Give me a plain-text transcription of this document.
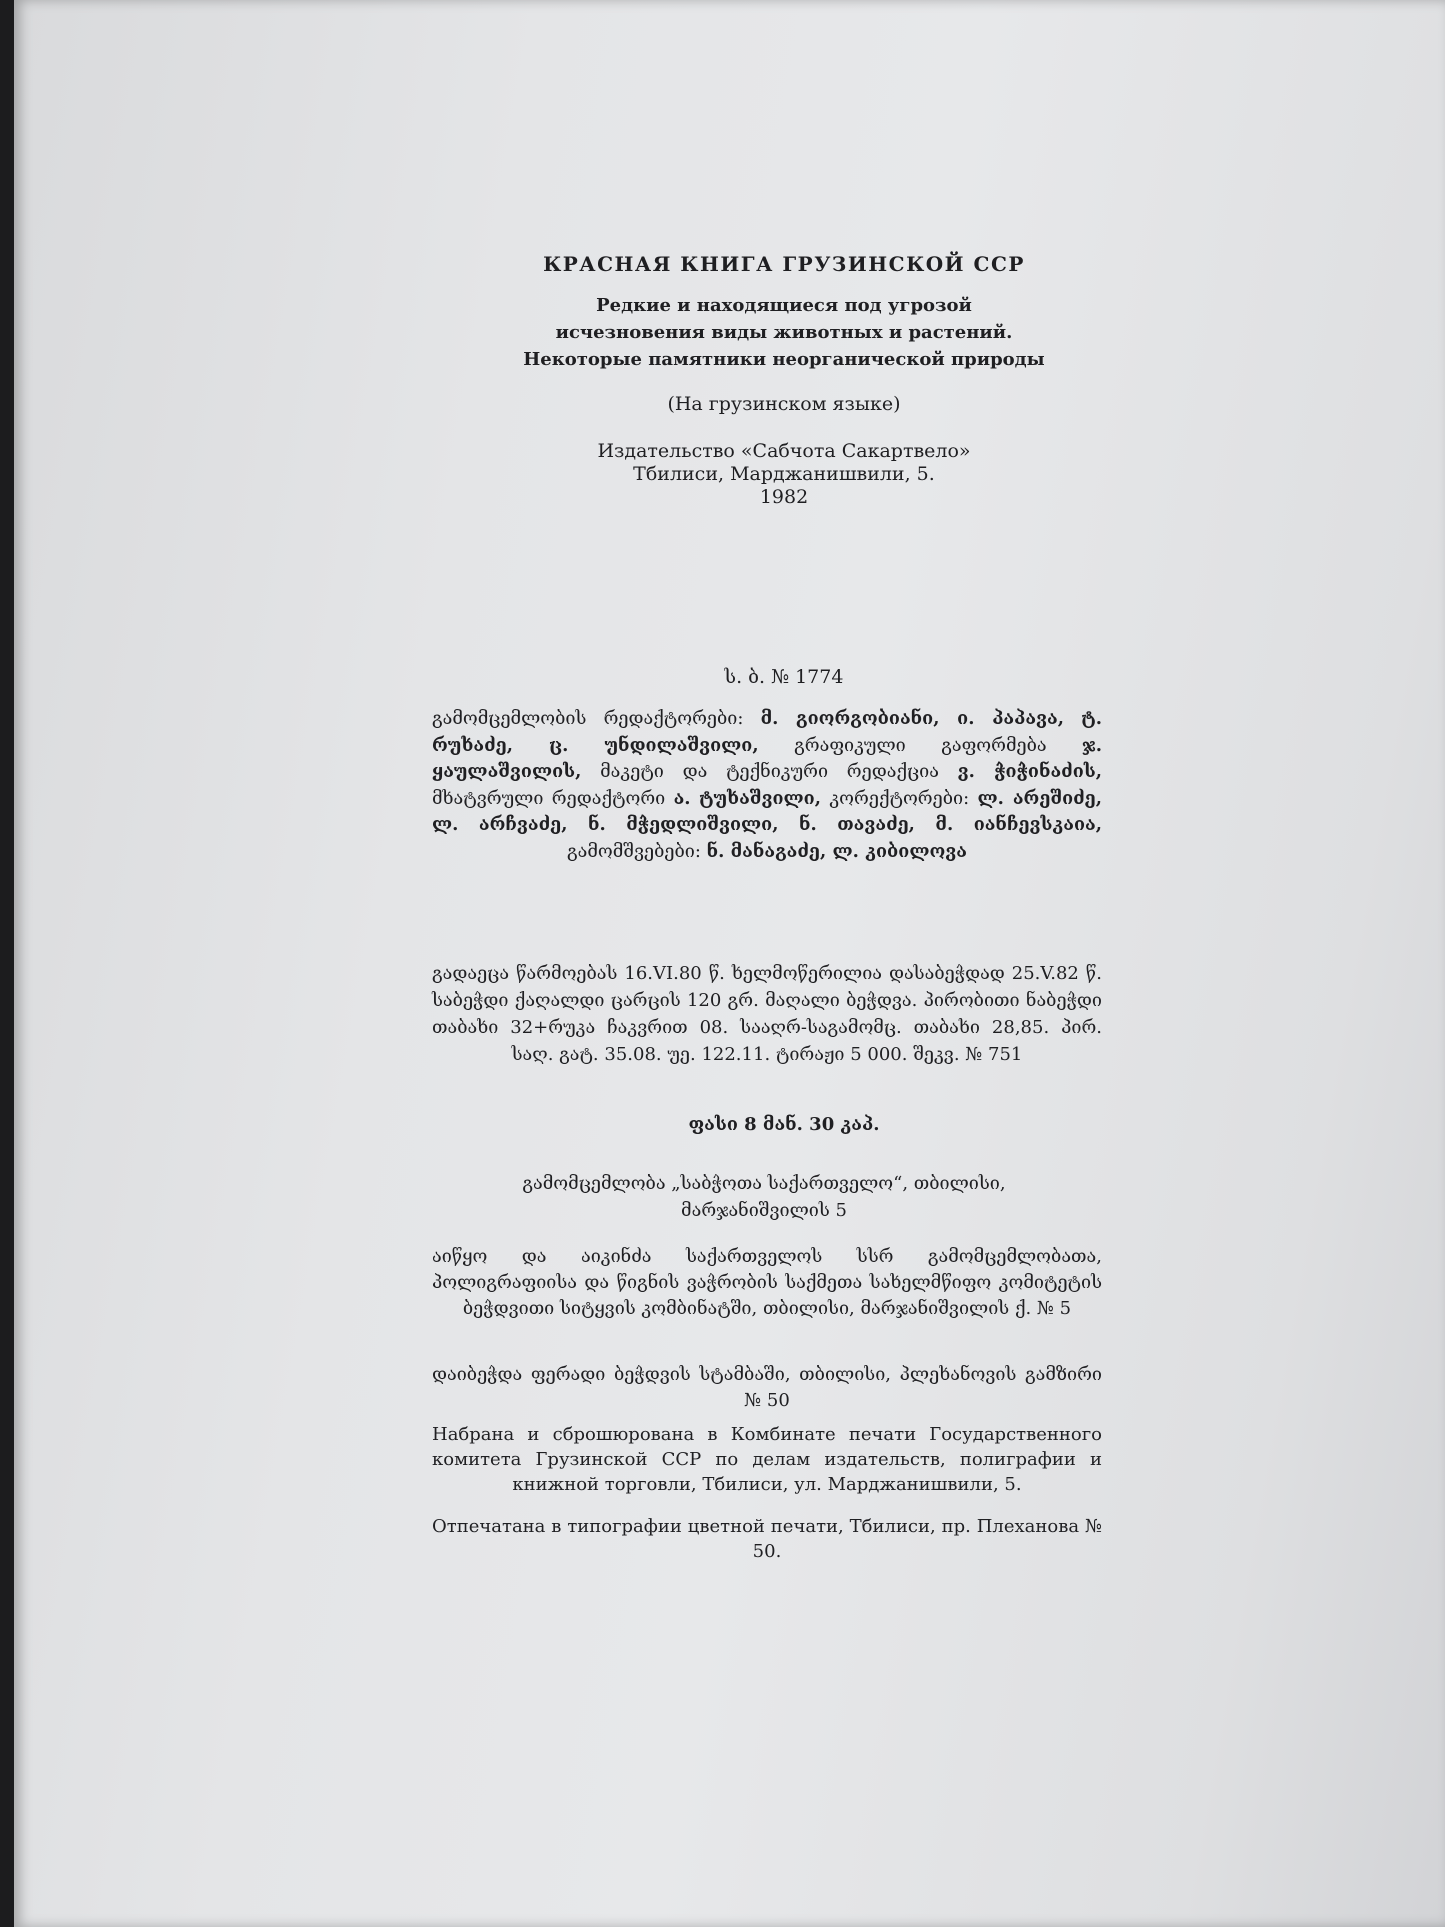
КРАСНАЯ КНИГА ГРУЗИНСКОЙ ССР
Редкие и находящиеся под угрозой
исчезновения виды животных и растений.
Некоторые памятники неорганической природы
(На грузинском языке)
Издательство «Сабчота Сакартвело»
Тбилиси, Марджанишвили, 5.
1982
ს. ბ. № 1774
გამომცემლობის რედაქტორები: მ. გიორგობიანი, ი. პაპავა, ტ. რუხაძე, ც. უნდილაშვილი, გრაფიკული გაფორმება ჯ. ყაულაშვილის, მაკეტი და ტექნიკური რედაქცია ვ. ჭიჭინაძის, მხატვრული რედაქტორი ა. ტუხაშვილი, კორექტორები: ლ. არეშიძე, ლ. არჩვაძე, ნ. მჭედლიშვილი, ნ. თავაძე, მ. იანჩევსკაია, გამომშვებები: ნ. მანაგაძე, ლ. კიბილოვა
გადაეცა წარმოებას 16.VI.80 წ. ხელმოწერილია დასაბეჭდად 25.V.82 წ. საბეჭდი ქაღალდი ცარცის 120 გრ. მაღალი ბეჭდვა. პირობითი ნაბეჭდი თაბახი 32+რუკა ჩაკვრით 08. სააღრ-საგამომც. თაბახი 28,85. პირ. საღ. გატ. 35.08. უე. 122.11. ტირაჟი 5 000. შეკვ. № 751
ფასი 8 მან. 30 კაპ.
გამომცემლობა „საბჭოთა საქართველო“, თბილისი,
მარჯანიშვილის 5
აიწყო და აიკინძა საქართველოს სსრ გამომცემლობათა, პოლიგრაფიისა და წიგნის ვაჭრობის საქმეთა სახელმწიფო კომიტეტის ბეჭდვითი სიტყვის კომბინატში, თბილისი, მარჯანიშვილის ქ. № 5
დაიბეჭდა ფერადი ბეჭდვის სტამბაში, თბილისი, პლეხანოვის გამზირი № 50
Набрана и сброшюрована в Комбинате печати Государственного комитета Грузинской ССР по делам издательств, полиграфии и книжной торговли, Тбилиси, ул. Марджанишвили, 5.
Отпечатана в типографии цветной печати, Тбилиси, пр. Плеханова № 50.
